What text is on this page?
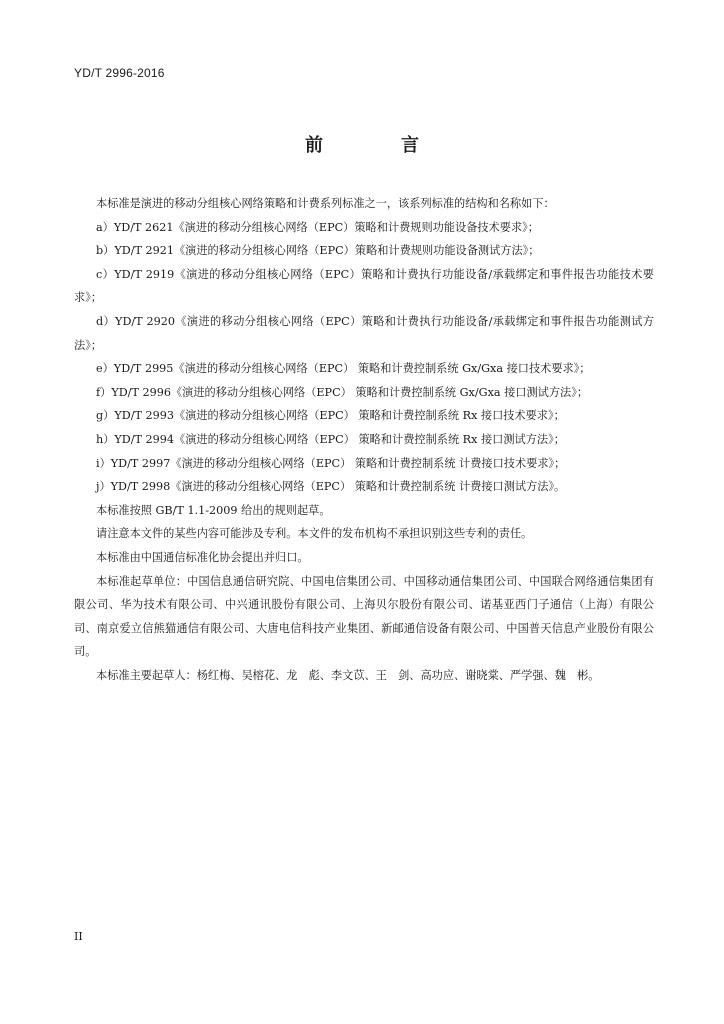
YD/T 2996-2016
前　言

本标准是演进的移动分组核心网络策略和计费系列标准之一，该系列标准的结构和名称如下：

a）YD/T 2621《演进的移动分组核心网络（EPC）策略和计费规则功能设备技术要求》；

b）YD/T 2921《演进的移动分组核心网络（EPC）策略和计费规则功能设备测试方法》；

c）YD/T 2919《演进的移动分组核心网络（EPC）策略和计费执行功能设备/承载绑定和事件报告功能技术要求》；

d）YD/T 2920《演进的移动分组核心网络（EPC）策略和计费执行功能设备/承载绑定和事件报告功能测试方法》；

e）YD/T 2995《演进的移动分组核心网络（EPC） 策略和计费控制系统 Gx/Gxa 接口技术要求》；

f）YD/T 2996《演进的移动分组核心网络（EPC） 策略和计费控制系统 Gx/Gxa 接口测试方法》；

g）YD/T 2993《演进的移动分组核心网络（EPC） 策略和计费控制系统 Rx 接口技术要求》；

h）YD/T 2994《演进的移动分组核心网络（EPC） 策略和计费控制系统 Rx 接口测试方法》；

i）YD/T 2997《演进的移动分组核心网络（EPC） 策略和计费控制系统 计费接口技术要求》；

j）YD/T 2998《演进的移动分组核心网络（EPC） 策略和计费控制系统 计费接口测试方法》。

本标准按照 GB/T 1.1-2009 给出的规则起草。

请注意本文件的某些内容可能涉及专利。本文件的发布机构不承担识别这些专利的责任。

本标准由中国通信标准化协会提出并归口。

本标准起草单位：中国信息通信研究院、中国电信集团公司、中国移动通信集团公司、中国联合网络通信集团有限公司、华为技术有限公司、中兴通讯股份有限公司、上海贝尔股份有限公司、诺基亚西门子通信（上海）有限公司、南京爱立信熊猫通信有限公司、大唐电信科技产业集团、新邮通信设备有限公司、中国普天信息产业股份有限公司。

本标准主要起草人：杨红梅、吴榕花、龙　彪、李文苡、王　剑、高功应、谢晓棠、严学强、魏　彬。

II
